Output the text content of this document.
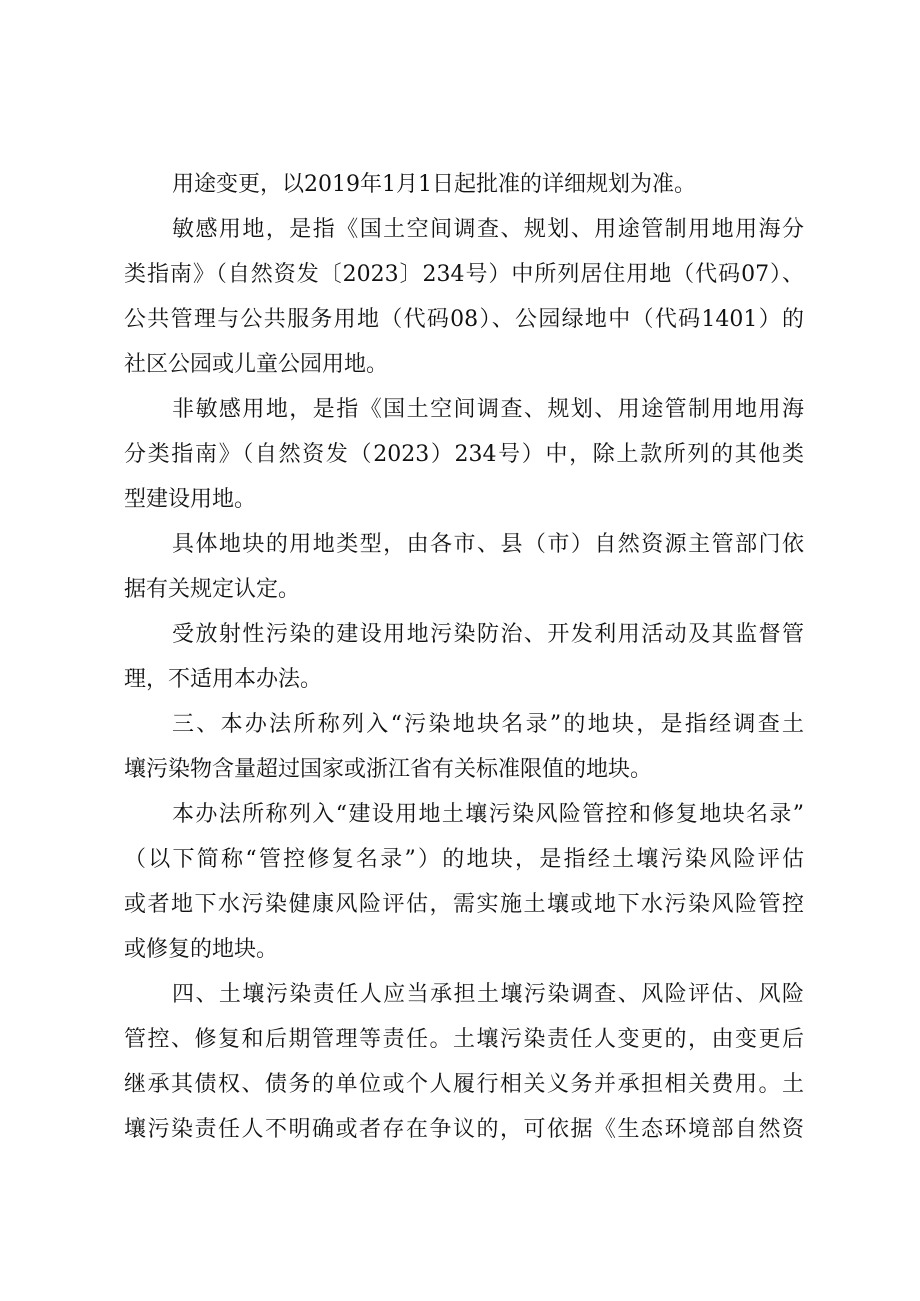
用途变更，以2019年1月1日起批准的详细规划为准。

敏感用地，是指《国土空间调查、规划、用途管制用地用海分

类指南》（自然资发〔2023〕234号）中所列居住用地（代码07）、

公共管理与公共服务用地（代码08）、公园绿地中（代码1401）的

社区公园或儿童公园用地。

非敏感用地，是指《国土空间调查、规划、用途管制用地用海

分类指南》（自然资发（2023）234号）中，除上款所列的其他类

型建设用地。

具体地块的用地类型，由各市、县（市）自然资源主管部门依

据有关规定认定。

受放射性污染的建设用地污染防治、开发利用活动及其监督管

理，不适用本办法。

三、本办法所称列入“污染地块名录”的地块，是指经调查土

壤污染物含量超过国家或浙江省有关标准限值的地块。

本办法所称列入“建设用地土壤污染风险管控和修复地块名录”

（以下简称“管控修复名录”）的地块，是指经土壤污染风险评估

或者地下水污染健康风险评估，需实施土壤或地下水污染风险管控

或修复的地块。

四、土壤污染责任人应当承担土壤污染调查、风险评估、风险

管控、修复和后期管理等责任。土壤污染责任人变更的，由变更后

继承其债权、债务的单位或个人履行相关义务并承担相关费用。土

壤污染责任人不明确或者存在争议的，可依据《生态环境部自然资
